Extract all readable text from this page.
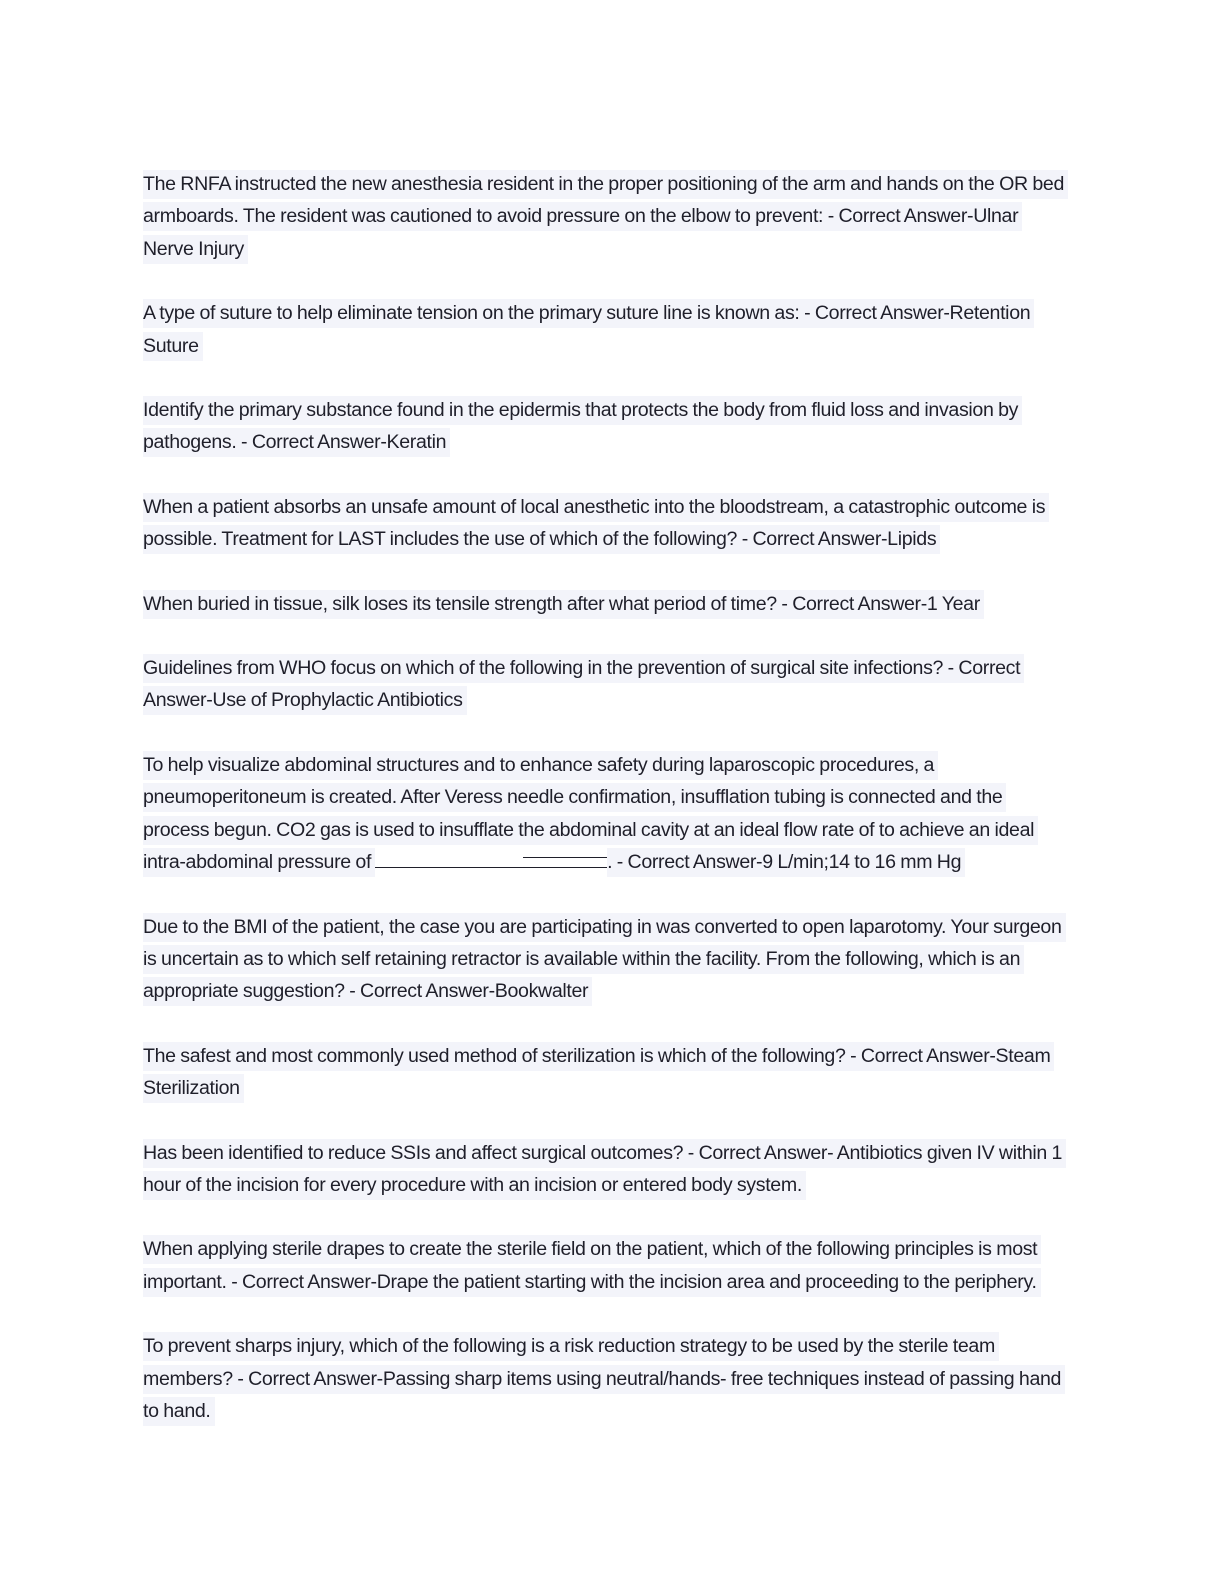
The RNFA instructed the new anesthesia resident in the proper positioning of the arm and hands on the OR bed armboards. The resident was cautioned to avoid pressure on the elbow to prevent: - Correct Answer-Ulnar Nerve Injury

A type of suture to help eliminate tension on the primary suture line is known as: - Correct Answer-Retention Suture

Identify the primary substance found in the epidermis that protects the body from fluid loss and invasion by pathogens. - Correct Answer-Keratin

When a patient absorbs an unsafe amount of local anesthetic into the bloodstream, a catastrophic outcome is possible. Treatment for LAST includes the use of which of the following? - Correct Answer-Lipids

When buried in tissue, silk loses its tensile strength after what period of time? - Correct Answer-1 Year

Guidelines from WHO focus on which of the following in the prevention of surgical site infections? - Correct Answer-Use of Prophylactic Antibiotics

To help visualize abdominal structures and to enhance safety during laparoscopic procedures, a pneumoperitoneum is created. After Veress needle confirmation, insufflation tubing is connected and the process begun. CO2 gas is used to insufflate the abdominal cavity at an ideal flow rate of to achieve an ideal intra-abdominal pressure of	. - Correct Answer-9 L/min;14 to 16 mm Hg

Due to the BMI of the patient, the case you are participating in was converted to open laparotomy. Your surgeon is uncertain as to which self retaining retractor is available within the facility. From the following, which is an appropriate suggestion? - Correct Answer-Bookwalter

The safest and most commonly used method of sterilization is which of the following? - Correct Answer-Steam Sterilization

Has been identified to reduce SSIs and affect surgical outcomes? - Correct Answer- Antibiotics given IV within 1 hour of the incision for every procedure with an incision or entered body system.

When applying sterile drapes to create the sterile field on the patient, which of the following principles is most important. - Correct Answer-Drape the patient starting with the incision area and proceeding to the periphery.

To prevent sharps injury, which of the following is a risk reduction strategy to be used by the sterile team members? - Correct Answer-Passing sharp items using neutral/hands- free techniques instead of passing hand to hand.
